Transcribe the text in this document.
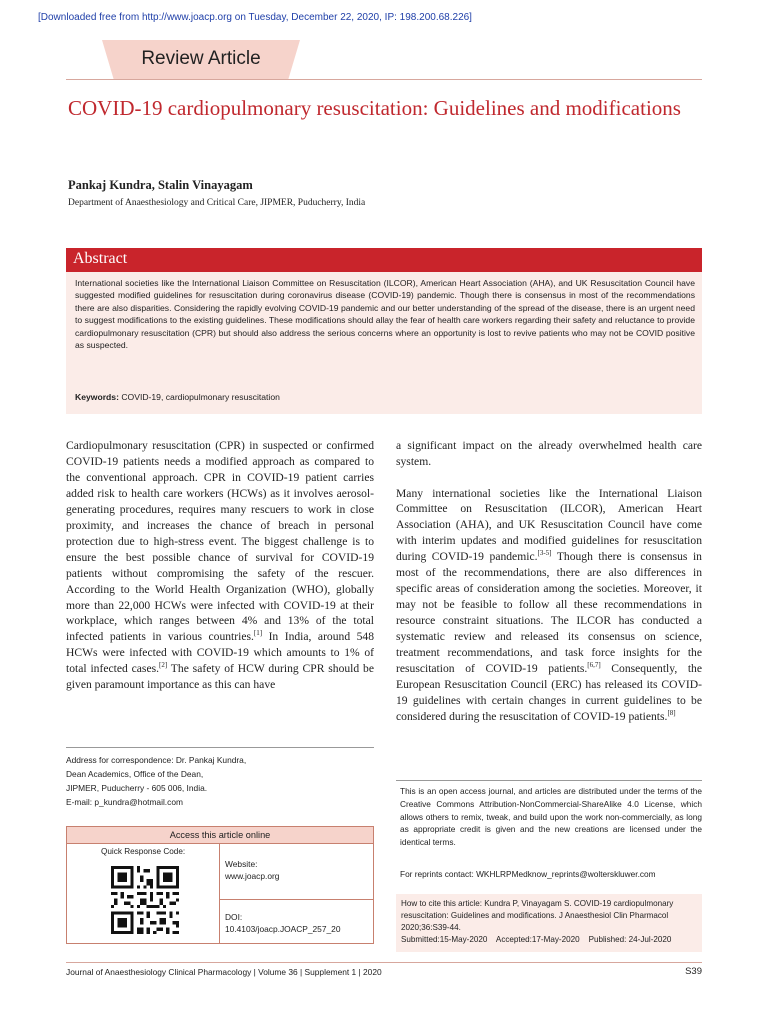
[Downloaded free from http://www.joacp.org on Tuesday, December 22, 2020, IP: 198.200.68.226]
Review Article
COVID-19 cardiopulmonary resuscitation: Guidelines and modifications
Pankaj Kundra, Stalin Vinayagam
Department of Anaesthesiology and Critical Care, JIPMER, Puducherry, India
Abstract

International societies like the International Liaison Committee on Resuscitation (ILCOR), American Heart Association (AHA), and UK Resuscitation Council have suggested modified guidelines for resuscitation during coronavirus disease (COVID-19) pandemic. Though there is consensus in most of the recommendations there are also disparities. Considering the rapidly evolving COVID-19 pandemic and our better understanding of the spread of the disease, there is an urgent need to suggest modifications to the existing guidelines. These modifications should allay the fear of health care workers regarding their safety and reluctance to provide cardiopulmonary resuscitation (CPR) but should also address the serious concerns where an opportunity is lost to revive patients who may not be COVID positive as suspected.

Keywords: COVID-19, cardiopulmonary resuscitation

Cardiopulmonary resuscitation (CPR) in suspected or confirmed COVID-19 patients needs a modified approach as compared to the conventional approach. CPR in COVID-19 patient carries added risk to health care workers (HCWs) as it involves aerosol-generating procedures, requires many rescuers to work in close proximity, and increases the chance of breach in personal protection due to high-stress event. The biggest challenge is to ensure the best possible chance of survival for COVID-19 patients without compromising the safety of the rescuer. According to the World Health Organization (WHO), globally more than 22,000 HCWs were infected with COVID-19 at their workplace, which ranges between 4% and 13% of the total infected patients in various countries.[1] In India, around 548 HCWs were infected with COVID-19 which amounts to 1% of total infected cases.[2] The safety of HCW during CPR should be given paramount importance as this can have

a significant impact on the already overwhelmed health care system.

Many international societies like the International Liaison Committee on Resuscitation (ILCOR), American Heart Association (AHA), and UK Resuscitation Council have come with interim updates and modified guidelines for resuscitation during COVID-19 pandemic.[3-5] Though there is consensus in most of the recommendations, there are also differences in specific areas of consideration among the societies. Moreover, it may not be feasible to follow all these recommendations in resource constraint situations. The ILCOR has conducted a systematic review and released its consensus on science, treatment recommendations, and task force insights for the resuscitation of COVID-19 patients.[6,7] Consequently, the European Resuscitation Council (ERC) has released its COVID-19 guidelines with certain changes in current guidelines to be considered during the resuscitation of COVID-19 patients.[8]

Address for correspondence: Dr. Pankaj Kundra,
Dean Academics, Office of the Dean,
JIPMER, Puducherry - 605 006, India.
E-mail: p_kundra@hotmail.com
Access this article online
Quick Response Code:
Website:
www.joacp.org
DOI:
10.4103/joacp.JOACP_257_20

This is an open access journal, and articles are distributed under the terms of the Creative Commons Attribution‑NonCommercial‑ShareAlike 4.0 License, which allows others to remix, tweak, and build upon the work non‑commercially, as long as appropriate credit is given and the new creations are licensed under the identical terms.

For reprints contact: WKHLRPMedknow_reprints@wolterskluwer.com

How to cite this article: Kundra P, Vinayagam S. COVID-19 cardiopulmonary resuscitation: Guidelines and modifications. J Anaesthesiol Clin Pharmacol 2020;36:S39-44.
Submitted:15-May-2020    Accepted:17-May-2020    Published: 24-Jul-2020
Journal of Anaesthesiology Clinical Pharmacology | Volume 36 | Supplement 1 | 2020	S39
